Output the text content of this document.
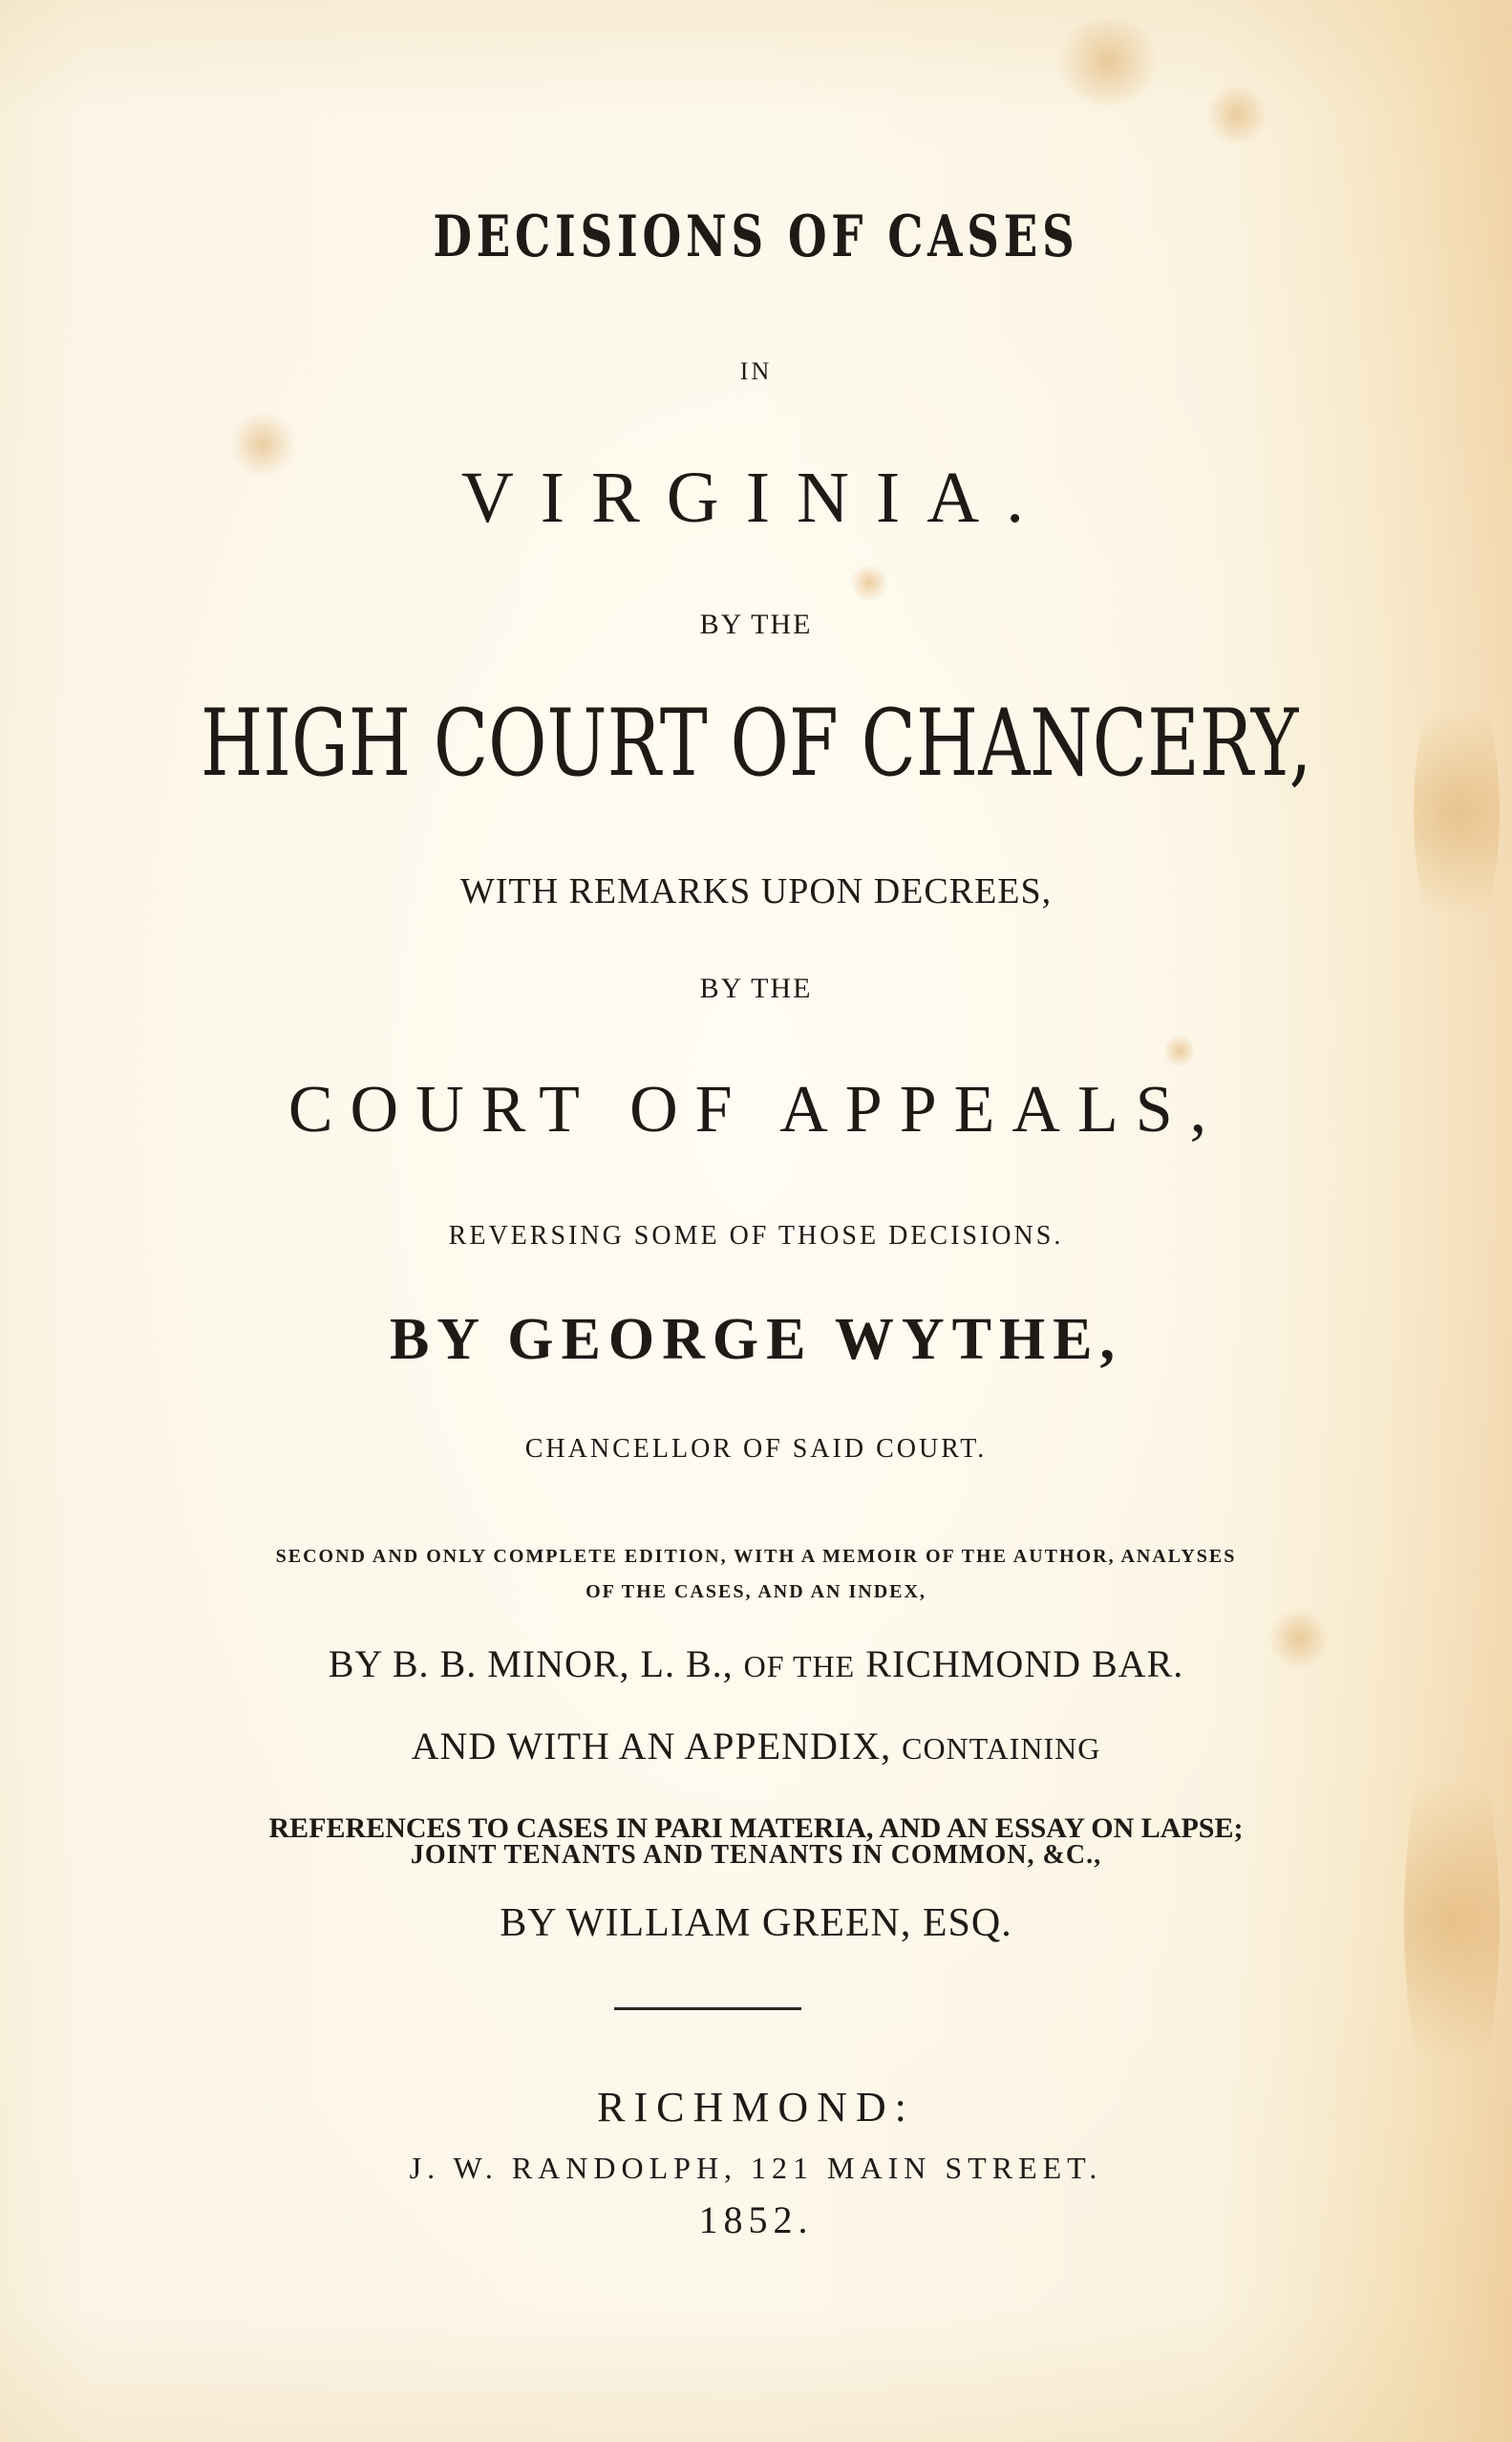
DECISIONS OF CASES
IN
VIRGINIA.
BY THE
HIGH COURT OF CHANCERY,
WITH REMARKS UPON DECREES,
BY THE
COURT OF APPEALS,
REVERSING SOME OF THOSE DECISIONS.
BY GEORGE WYTHE,
CHANCELLOR OF SAID COURT.
SECOND AND ONLY COMPLETE EDITION, WITH A MEMOIR OF THE AUTHOR, ANALYSES
OF THE CASES, AND AN INDEX,
BY B. B. MINOR, L. B., OF THE RICHMOND BAR.
AND WITH AN APPENDIX, CONTAINING
REFERENCES TO CASES IN PARI MATERIA, AND AN ESSAY ON LAPSE;
JOINT TENANTS AND TENANTS IN COMMON, &C.,
BY WILLIAM GREEN, ESQ.
RICHMOND:
J. W. RANDOLPH, 121 MAIN STREET.
1852.
